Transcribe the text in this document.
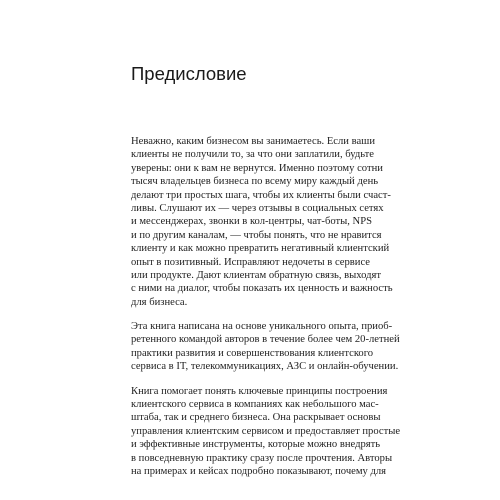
Предисловие

Неважно, каким бизнесом вы занимаетесь. Если ваши
клиенты не получили то, за что они заплатили, будьте
уверены: они к вам не вернутся. Именно поэтому сотни
тысяч владельцев бизнеса по всему миру каждый день
делают три простых шага, чтобы их клиенты были счаст-
ливы. Слушают их — через отзывы в социальных сетях
и мессенджерах, звонки в кол-центры, чат-боты, NPS
и по другим каналам, — чтобы понять, что не нравится
клиенту и как можно превратить негативный клиентский
опыт в позитивный. Исправляют недочеты в сервисе
или продукте. Дают клиентам обратную связь, выходят
с ними на диалог, чтобы показать их ценность и важность
для бизнеса.

Эта книга написана на основе уникального опыта, приоб-
ретенного командой авторов в течение более чем 20-летней
практики развития и совершенствования клиентского
сервиса в IT, телекоммуникациях, АЗС и онлайн-обучении.

Книга помогает понять ключевые принципы построения
клиентского сервиса в компаниях как небольшого мас-
штаба, так и среднего бизнеса. Она раскрывает основы
управления клиентским сервисом и предоставляет простые
и эффективные инструменты, которые можно внедрять
в повседневную практику сразу после прочтения. Авторы
на примерах и кейсах подробно показывают, почему для
